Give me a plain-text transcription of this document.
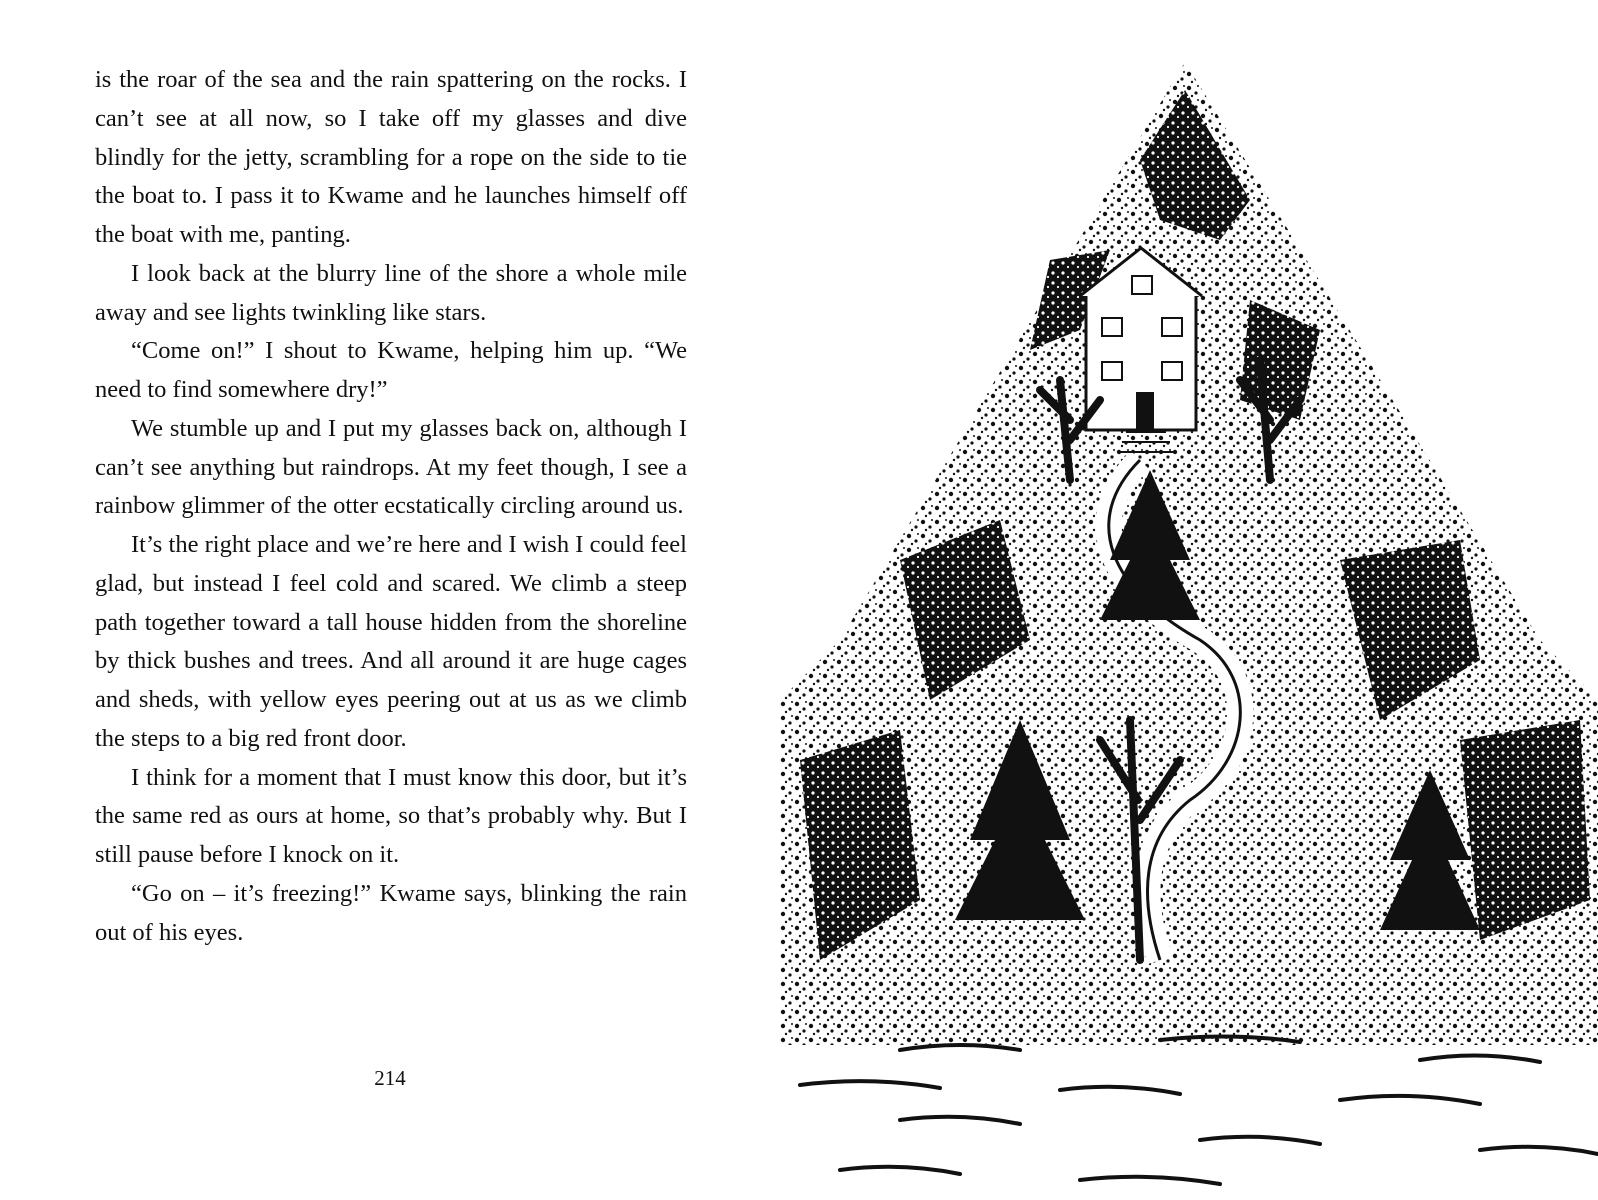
is the roar of the sea and the rain spattering on the rocks. I can’t see at all now, so I take off my glasses and dive blindly for the jetty, scrambling for a rope on the side to tie the boat to. I pass it to Kwame and he launches himself off the boat with me, panting.

I look back at the blurry line of the shore a whole mile away and see lights twinkling like stars.

“Come on!” I shout to Kwame, helping him up. “We need to find somewhere dry!”

We stumble up and I put my glasses back on, although I can’t see anything but raindrops. At my feet though, I see a rainbow glimmer of the otter ecstatically circling around us.

It’s the right place and we’re here and I wish I could feel glad, but instead I feel cold and scared. We climb a steep path together toward a tall house hidden from the shoreline by thick bushes and trees. And all around it are huge cages and sheds, with yellow eyes peering out at us as we climb the steps to a big red front door.

I think for a moment that I must know this door, but it’s the same red as ours at home, so that’s probably why. But I still pause before I knock on it.

“Go on – it’s freezing!” Kwame says, blinking the rain out of his eyes.

214
